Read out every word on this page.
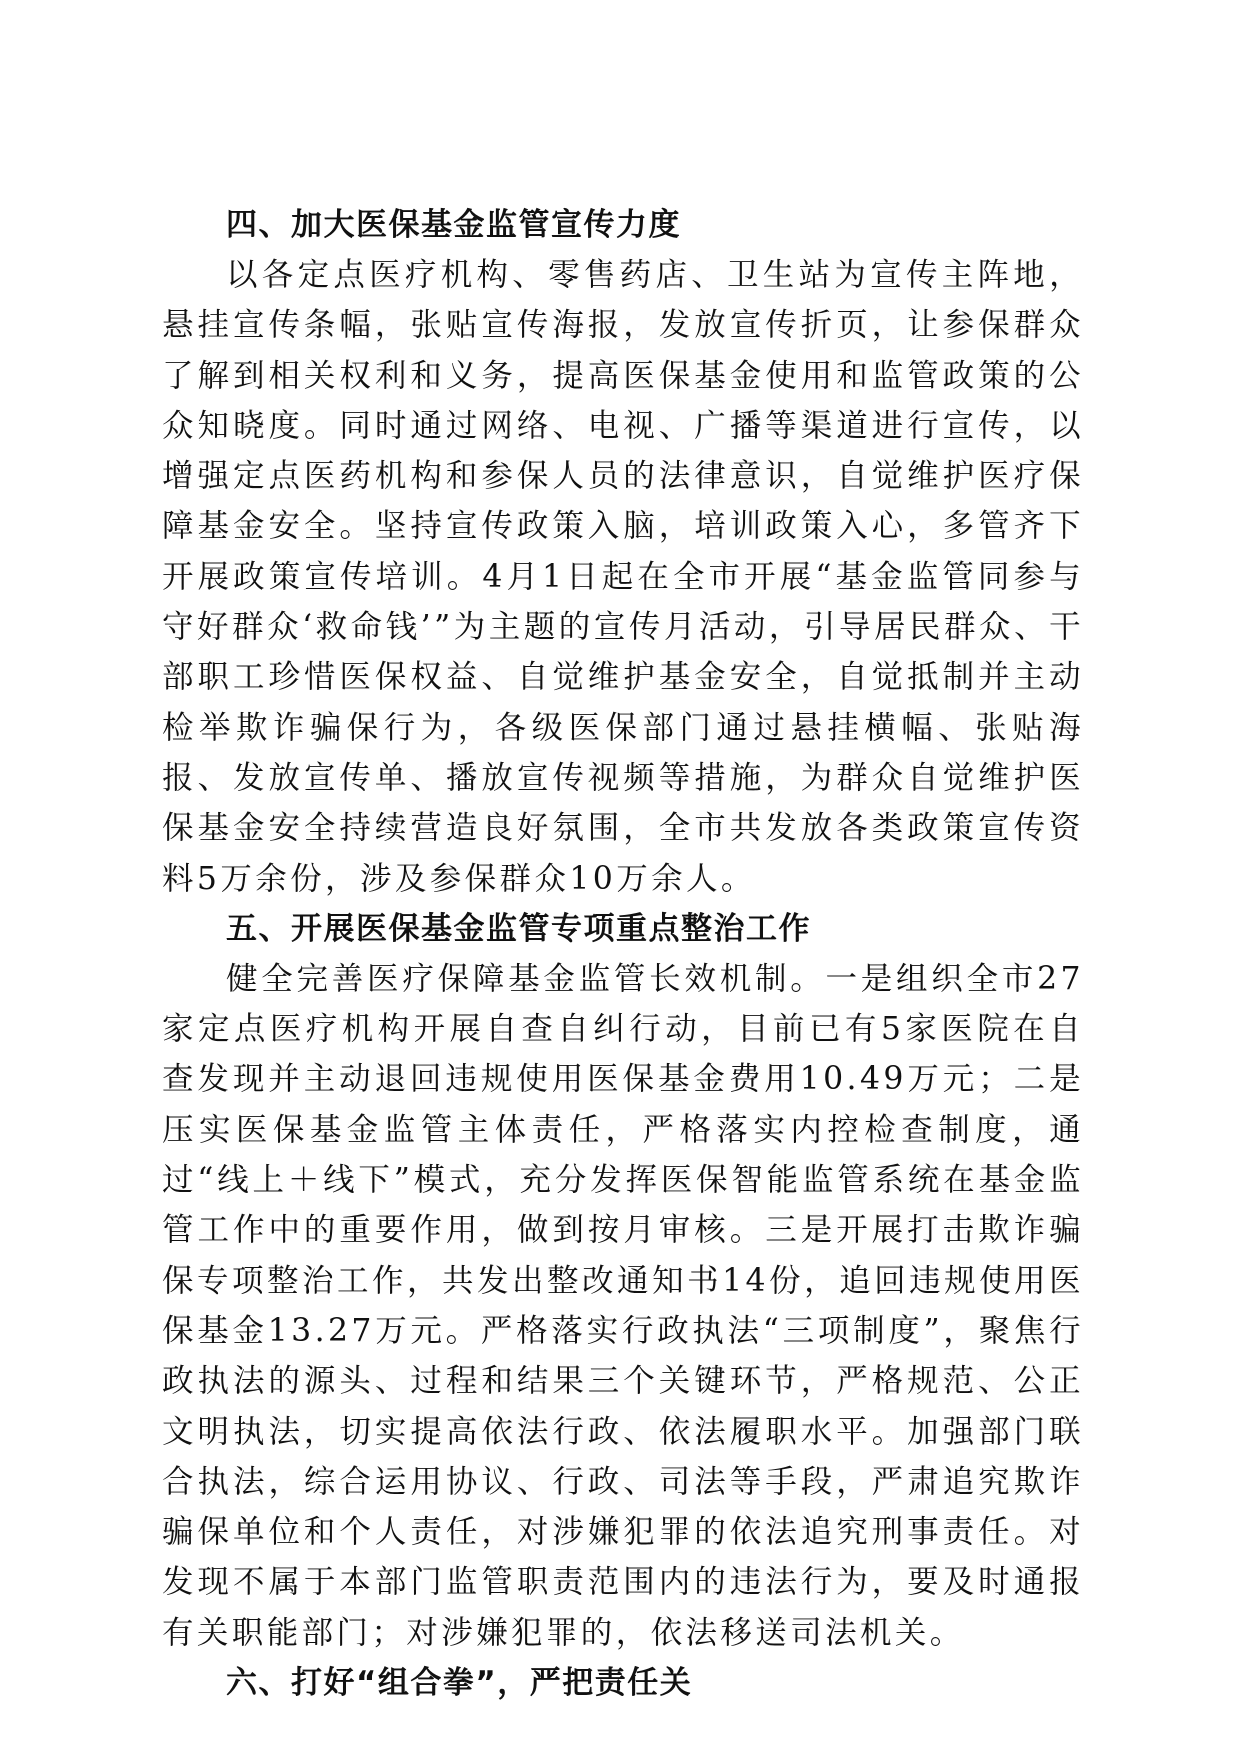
四、加大医保基金监管宣传力度

以各定点医疗机构、零售药店、卫生站为宣传主阵地，悬挂宣传条幅，张贴宣传海报，发放宣传折页，让参保群众了解到相关权利和义务，提高医保基金使用和监管政策的公众知晓度。同时通过网络、电视、广播等渠道进行宣传，以增强定点医药机构和参保人员的法律意识，自觉维护医疗保障基金安全。坚持宣传政策入脑，培训政策入心，多管齐下开展政策宣传培训。4月1日起在全市开展“基金监管同参与守好群众‘救命钱’”为主题的宣传月活动，引导居民群众、干部职工珍惜医保权益、自觉维护基金安全，自觉抵制并主动检举欺诈骗保行为，各级医保部门通过悬挂横幅、张贴海报、发放宣传单、播放宣传视频等措施，为群众自觉维护医保基金安全持续营造良好氛围，全市共发放各类政策宣传资料5万余份，涉及参保群众10万余人。

五、开展医保基金监管专项重点整治工作

健全完善医疗保障基金监管长效机制。一是组织全市27家定点医疗机构开展自查自纠行动，目前已有5家医院在自查发现并主动退回违规使用医保基金费用10.49万元；二是压实医保基金监管主体责任，严格落实内控检查制度，通过“线上＋线下”模式，充分发挥医保智能监管系统在基金监管工作中的重要作用，做到按月审核。三是开展打击欺诈骗保专项整治工作，共发出整改通知书14份，追回违规使用医保基金13.27万元。严格落实行政执法“三项制度”，聚焦行政执法的源头、过程和结果三个关键环节，严格规范、公正文明执法，切实提高依法行政、依法履职水平。加强部门联合执法，综合运用协议、行政、司法等手段，严肃追究欺诈骗保单位和个人责任，对涉嫌犯罪的依法追究刑事责任。对发现不属于本部门监管职责范围内的违法行为，要及时通报有关职能部门；对涉嫌犯罪的，依法移送司法机关。

六、打好“组合拳”，严把责任关
